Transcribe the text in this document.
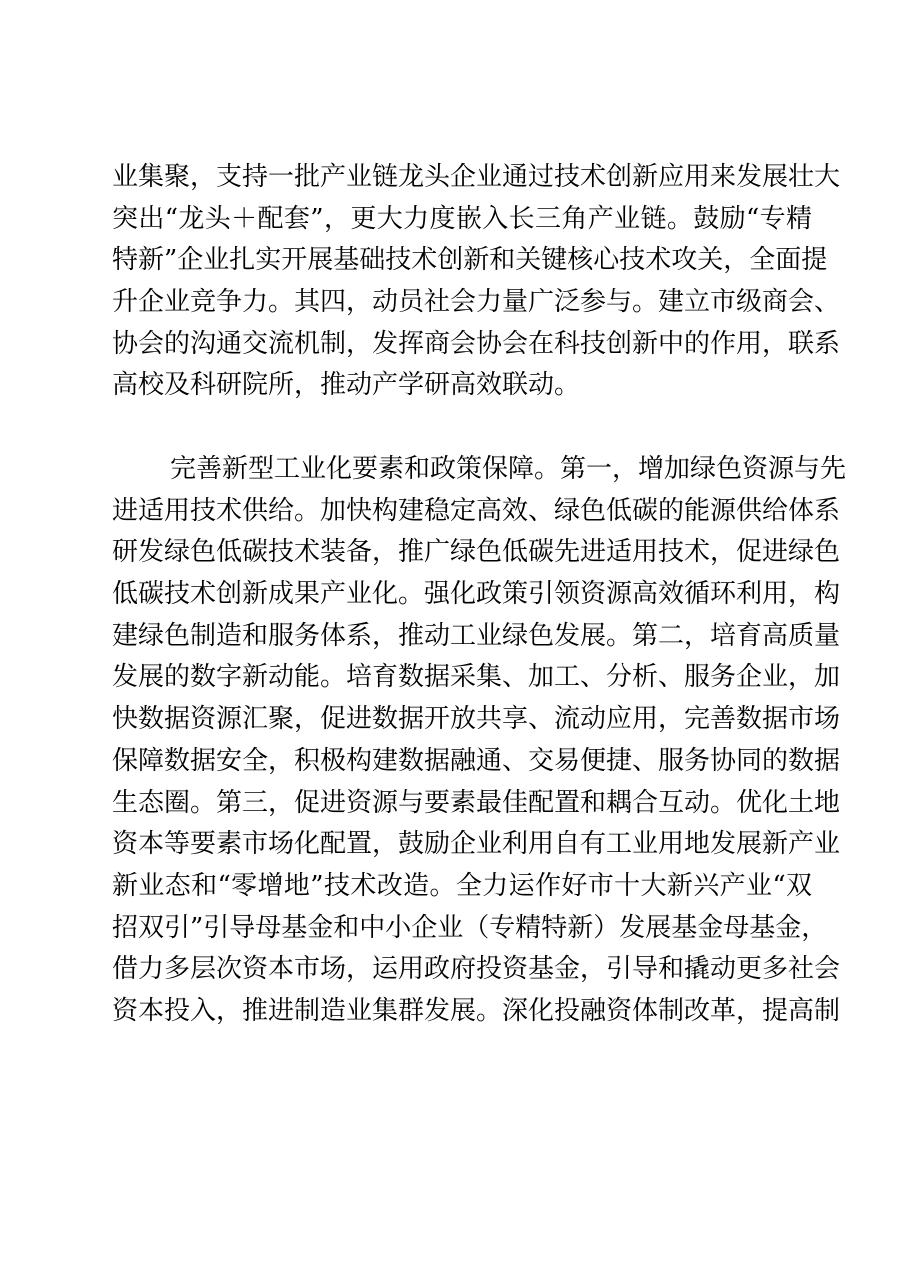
业集聚，支持一批产业链龙头企业通过技术创新应用来发展壮大
突出“龙头＋配套”，更大力度嵌入长三角产业链。鼓励“专精
特新”企业扎实开展基础技术创新和关键核心技术攻关，全面提
升企业竞争力。其四，动员社会力量广泛参与。建立市级商会、
协会的沟通交流机制，发挥商会协会在科技创新中的作用，联系
高校及科研院所，推动产学研高效联动。
完善新型工业化要素和政策保障。第一，增加绿色资源与先
进适用技术供给。加快构建稳定高效、绿色低碳的能源供给体系
研发绿色低碳技术装备，推广绿色低碳先进适用技术，促进绿色
低碳技术创新成果产业化。强化政策引领资源高效循环利用，构
建绿色制造和服务体系，推动工业绿色发展。第二，培育高质量
发展的数字新动能。培育数据采集、加工、分析、服务企业，加
快数据资源汇聚，促进数据开放共享、流动应用，完善数据市场
保障数据安全，积极构建数据融通、交易便捷、服务协同的数据
生态圈。第三，促进资源与要素最佳配置和耦合互动。优化土地
资本等要素市场化配置，鼓励企业利用自有工业用地发展新产业
新业态和“零增地”技术改造。全力运作好市十大新兴产业“双
招双引”引导母基金和中小企业（专精特新）发展基金母基金，
借力多层次资本市场，运用政府投资基金，引导和撬动更多社会
资本投入，推进制造业集群发展。深化投融资体制改革，提高制
